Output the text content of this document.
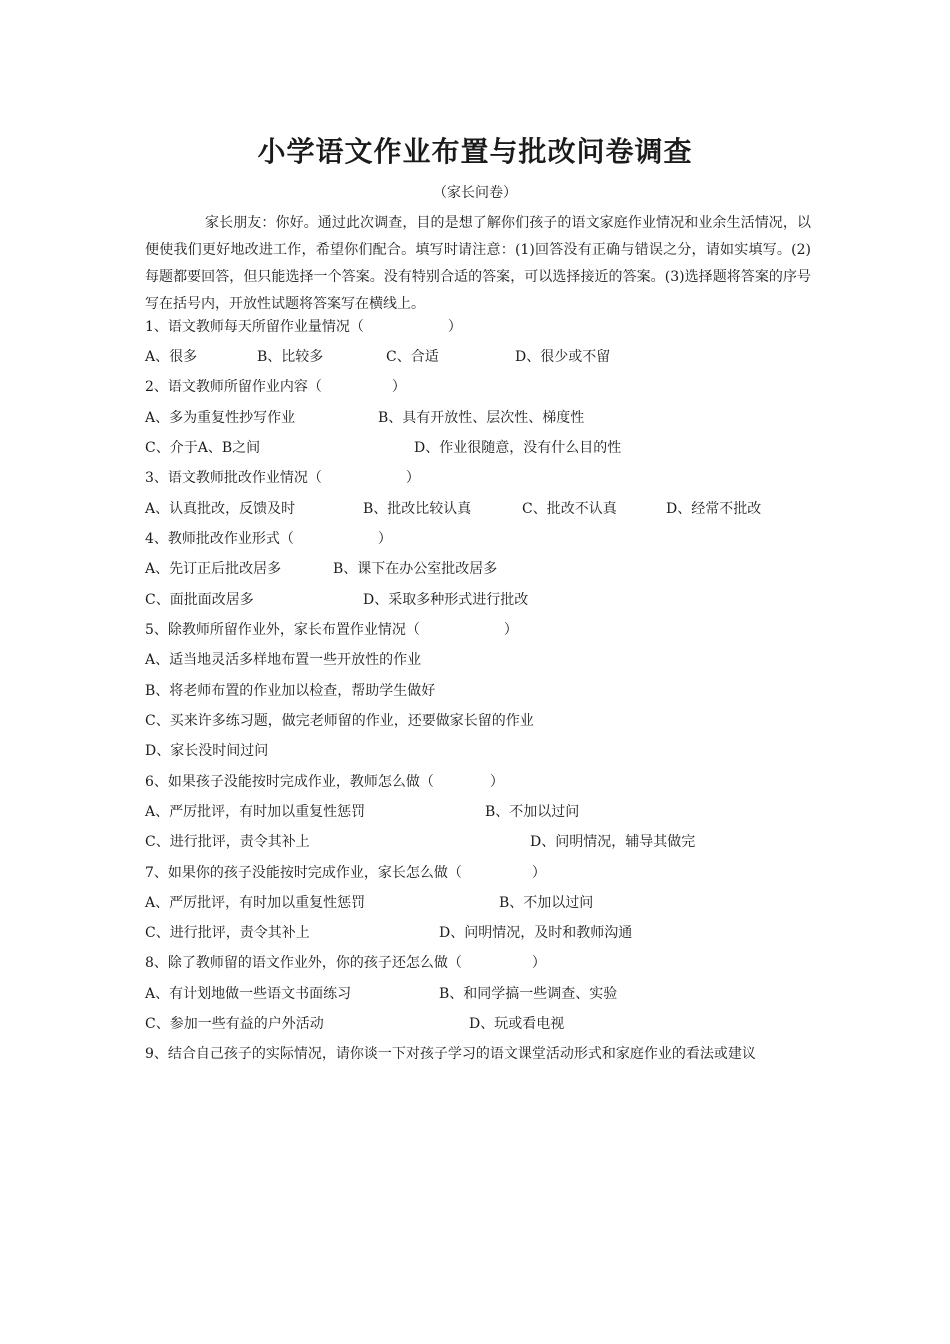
小学语文作业布置与批改问卷调查
（家长问卷）
家长朋友：你好。通过此次调查，目的是想了解你们孩子的语文家庭作业情况和业余生活情况，以便使我们更好地改进工作，希望你们配合。填写时请注意：(1)回答没有正确与错误之分，请如实填写。(2)每题都要回答，但只能选择一个答案。没有特别合适的答案，可以选择接近的答案。(3)选择题将答案的序号写在括号内，开放性试题将答案写在横线上。
1、语文教师每天所留作业量情况（　　　　　　）
A、很多	B、比较多	C、合适	D、很少或不留
2、语文教师所留作业内容（　　　　　）
A、多为重复性抄写作业	B、具有开放性、层次性、梯度性
C、介于A、B之间	D、作业很随意，没有什么目的性
3、语文教师批改作业情况（　　　　　　）
A、认真批改，反馈及时	B、批改比较认真	C、批改不认真	D、经常不批改
4、教师批改作业形式（　　　　　　）
A、先订正后批改居多	B、课下在办公室批改居多
C、面批面改居多	D、采取多种形式进行批改
5、除教师所留作业外，家长布置作业情况（　　　　　　）
A、适当地灵活多样地布置一些开放性的作业
B、将老师布置的作业加以检查，帮助学生做好
C、买来许多练习题，做完老师留的作业，还要做家长留的作业
D、家长没时间过问
6、如果孩子没能按时完成作业，教师怎么做（　　　　）
A、严厉批评，有时加以重复性惩罚	B、不加以过问
C、进行批评，责令其补上	D、问明情况，辅导其做完
7、如果你的孩子没能按时完成作业，家长怎么做（　　　　　）
A、严厉批评，有时加以重复性惩罚	B、不加以过问
C、进行批评，责令其补上	D、问明情况，及时和教师沟通
8、除了教师留的语文作业外，你的孩子还怎么做（　　　　　）
A、有计划地做一些语文书面练习	B、和同学搞一些调查、实验
C、参加一些有益的户外活动	D、玩或看电视
9、结合自己孩子的实际情况，请你谈一下对孩子学习的语文课堂活动形式和家庭作业的看法或建议
